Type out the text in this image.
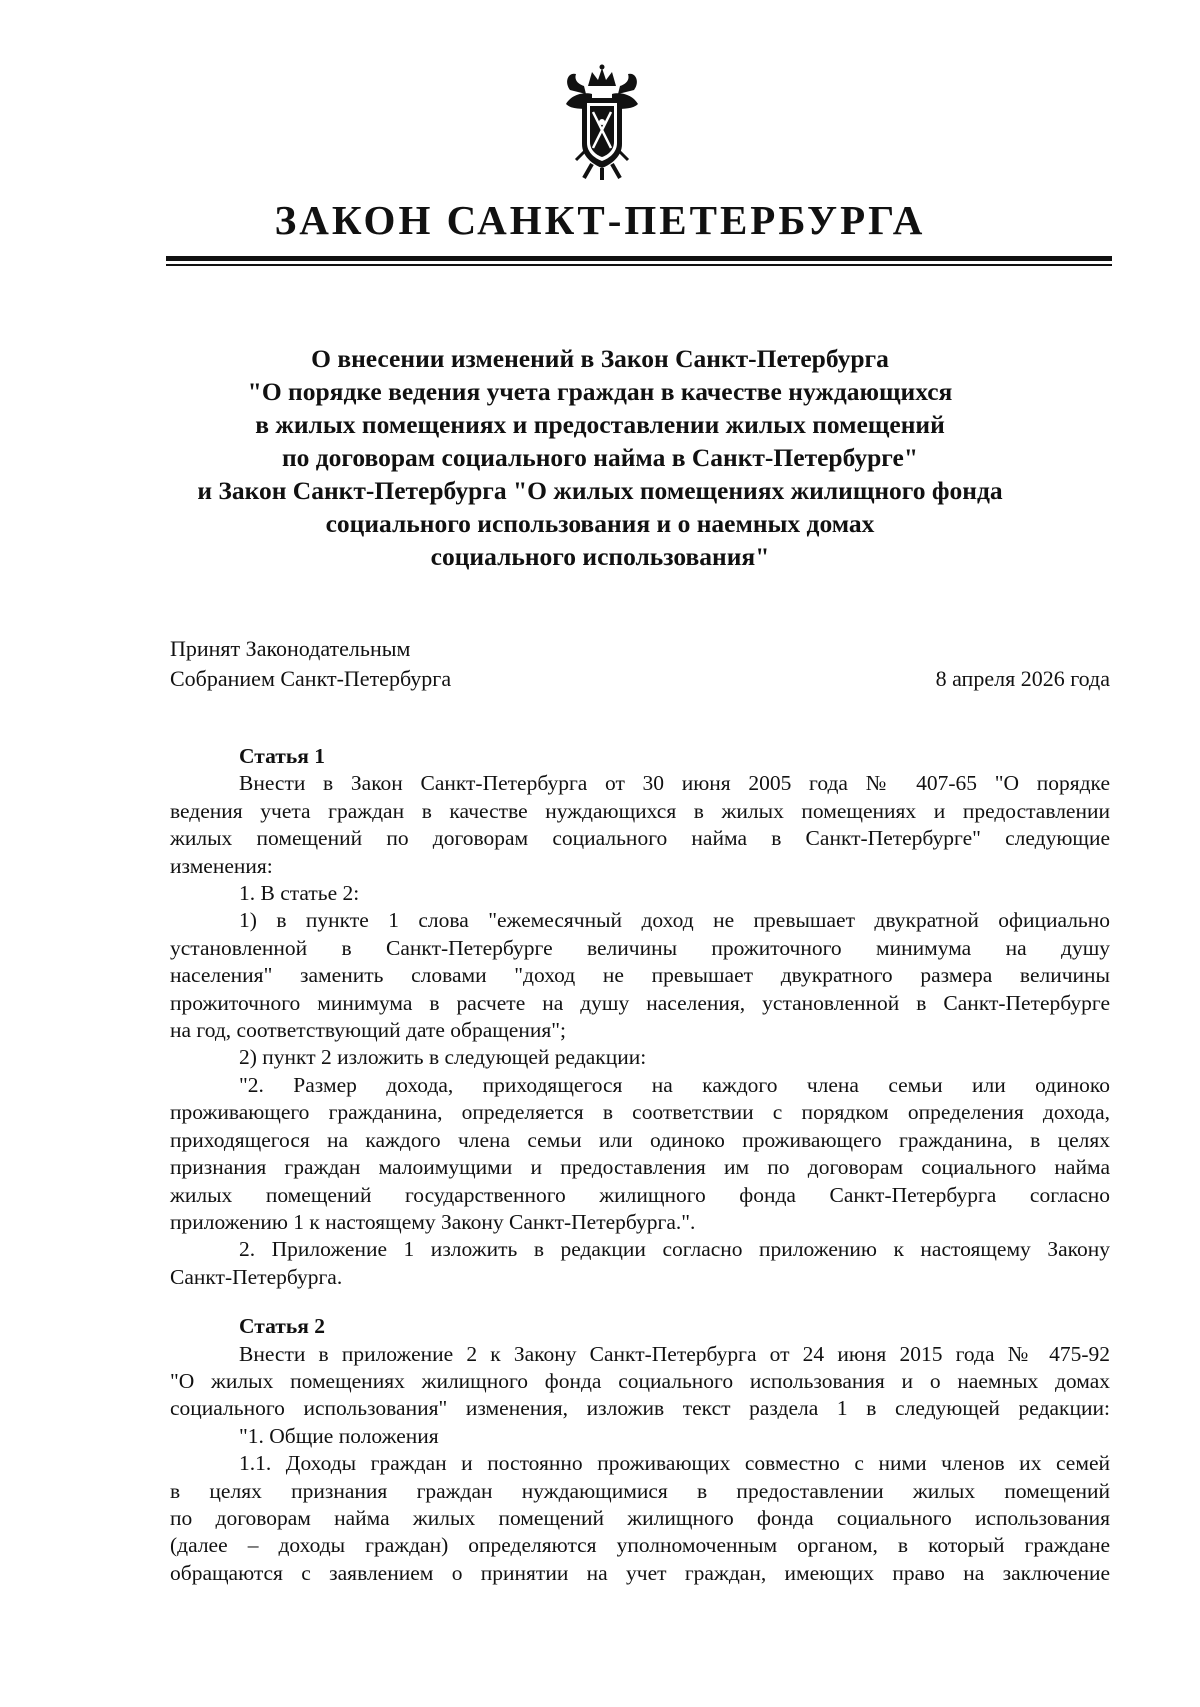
ЗАКОН САНКТ-ПЕТЕРБУРГА
О внесении изменений в Закон Санкт-Петербурга
"О порядке ведения учета граждан в качестве нуждающихся
в жилых помещениях и предоставлении жилых помещений
по договорам социального найма в Санкт-Петербурге"
и Закон Санкт-Петербурга "О жилых помещениях жилищного фонда
социального использования и о наемных домах
социального использования"
Принят Законодательным
Собранием Санкт-Петербурга	8 апреля 2026 года
Статья 1
Внести в Закон Санкт-Петербурга от 30 июня 2005 года № 407-65 "О порядке
ведения учета граждан в качестве нуждающихся в жилых помещениях и предоставлении
жилых помещений по договорам социального найма в Санкт-Петербурге" следующие
изменения:
1. В статье 2:
1) в пункте 1 слова "ежемесячный доход не превышает двукратной официально
установленной в Санкт-Петербурге величины прожиточного минимума на душу
населения" заменить словами "доход не превышает двукратного размера величины
прожиточного минимума в расчете на душу населения, установленной в Санкт-Петербурге
на год, соответствующий дате обращения";
2) пункт 2 изложить в следующей редакции:
"2. Размер дохода, приходящегося на каждого члена семьи или одиноко
проживающего гражданина, определяется в соответствии с порядком определения дохода,
приходящегося на каждого члена семьи или одиноко проживающего гражданина, в целях
признания граждан малоимущими и предоставления им по договорам социального найма
жилых помещений государственного жилищного фонда Санкт-Петербурга согласно
приложению 1 к настоящему Закону Санкт-Петербурга.".
2. Приложение 1 изложить в редакции согласно приложению к настоящему Закону
Санкт-Петербурга.
Статья 2
Внести в приложение 2 к Закону Санкт-Петербурга от 24 июня 2015 года № 475-92
"О жилых помещениях жилищного фонда социального использования и о наемных домах
социального использования" изменения, изложив текст раздела 1 в следующей редакции:
"1. Общие положения
1.1. Доходы граждан и постоянно проживающих совместно с ними членов их семей
в целях признания граждан нуждающимися в предоставлении жилых помещений
по договорам найма жилых помещений жилищного фонда социального использования
(далее – доходы граждан) определяются уполномоченным органом, в который граждане
обращаются с заявлением о принятии на учет граждан, имеющих право на заключение
